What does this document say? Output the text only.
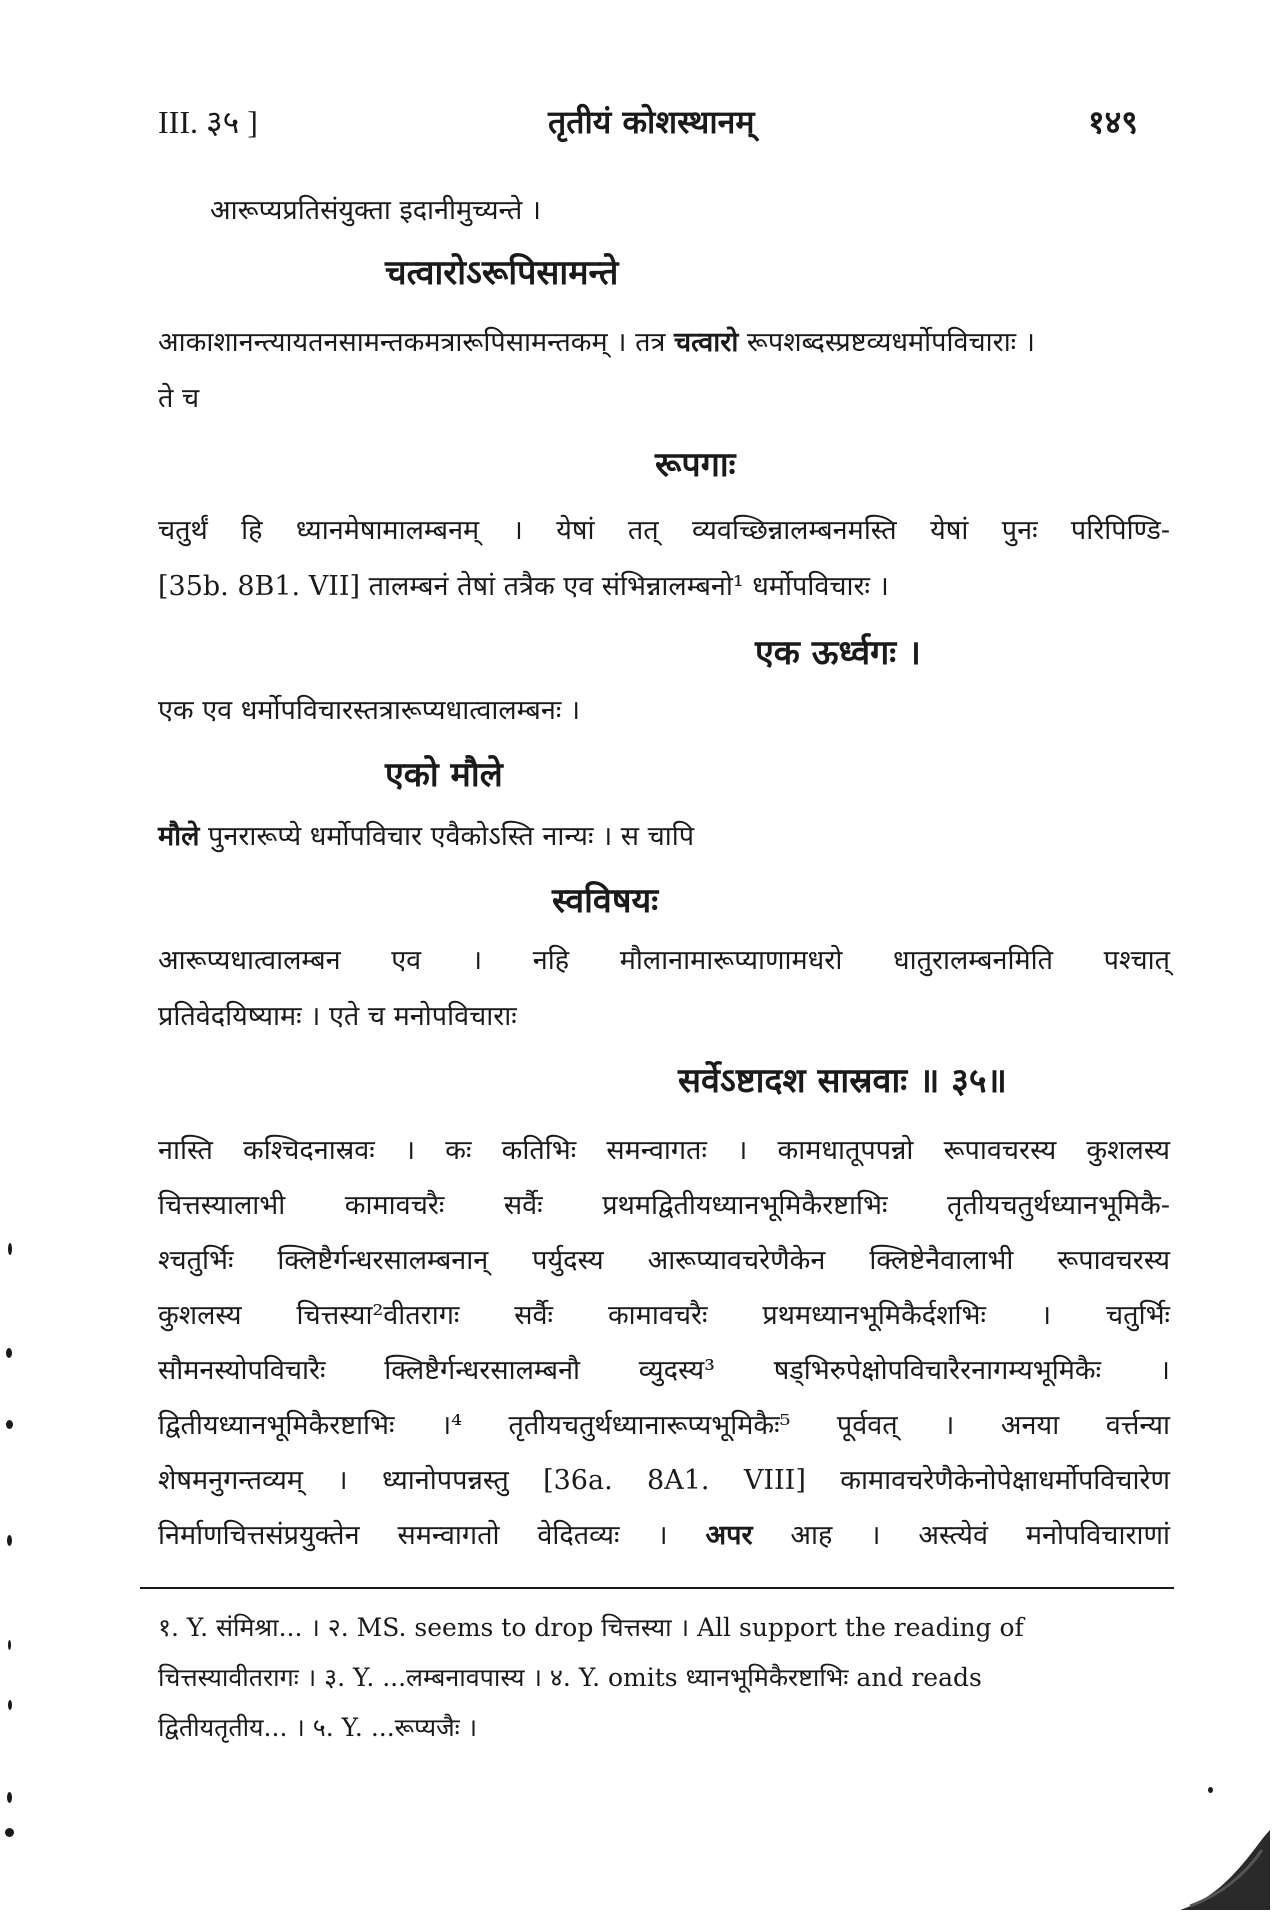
III. ३५ ]	तृतीयं कोशस्थानम्	१४९
आरूप्यप्रतिसंयुक्ता इदानीमुच्यन्ते ।
चत्वारोऽरूपिसामन्ते
आकाशानन्त्यायतनसामन्तकमत्रारूपिसामन्तकम् । तत्र चत्वारो रूपशब्दस्प्रष्टव्यधर्मोपविचाराः ।
ते च
रूपगाः
चतुर्थं हि ध्यानमेषामालम्बनम् । येषां तत् व्यवच्छिन्नालम्बनमस्ति येषां पुनः परिपिण्डि-
[35b. 8B1. VII] तालम्बनं तेषां तत्रैक एव संभिन्नालम्बनो¹ धर्मोपविचारः ।
एक ऊर्ध्वगः ।
एक एव धर्मोपविचारस्तत्रारूप्यधात्वालम्बनः ।
एको मौले
मौले पुनरारूप्ये धर्मोपविचार एवैकोऽस्ति नान्यः । स चापि
स्वविषयः
आरूप्यधात्वालम्बन एव । नहि मौलानामारूप्याणामधरो धातुरालम्बनमिति पश्चात्
प्रतिवेदयिष्यामः । एते च मनोपविचाराः
सर्वेऽष्टादश सास्रवाः ॥ ३५॥
नास्ति कश्चिदनास्रवः । कः कतिभिः समन्वागतः । कामधातूपपन्नो रूपावचरस्य कुशलस्य
चित्तस्यालाभी कामावचरैः सर्वैः प्रथमद्वितीयध्यानभूमिकैरष्टाभिः तृतीयचतुर्थध्यानभूमिकै-
श्चतुर्भिः क्लिष्टैर्गन्धरसालम्बनान् पर्युदस्य आरूप्यावचरेणैकेन क्लिष्टेनैवालाभी रूपावचरस्य
कुशलस्य चित्तस्या²वीतरागः सर्वैः कामावचरैः प्रथमध्यानभूमिकैर्दशभिः । चतुर्भिः
सौमनस्योपविचारैः क्लिष्टैर्गन्धरसालम्बनौ व्युदस्य³ षड्भिरुपेक्षोपविचारैरनागम्यभूमिकैः ।
द्वितीयध्यानभूमिकैरष्टाभिः ।⁴ तृतीयचतुर्थध्यानारूप्यभूमिकैः⁵ पूर्ववत् । अनया वर्त्तन्या
शेषमनुगन्तव्यम् । ध्यानोपपन्नस्तु [36a. 8A1. VIII] कामावचरेणैकेनोपेक्षाधर्मोपविचारेण
निर्माणचित्तसंप्रयुक्तेन समन्वागतो वेदितव्यः । अपर आह । अस्त्येवं मनोपविचाराणां
१. Y. संमिश्रा... । २. MS. seems to drop चित्तस्या । All support the reading of
चित्तस्यावीतरागः । ३. Y. ...लम्बनावपास्य । ४. Y. omits ध्यानभूमिकैरष्टाभिः and reads
द्वितीयतृतीय... । ५. Y. ...रूप्यजैः ।
